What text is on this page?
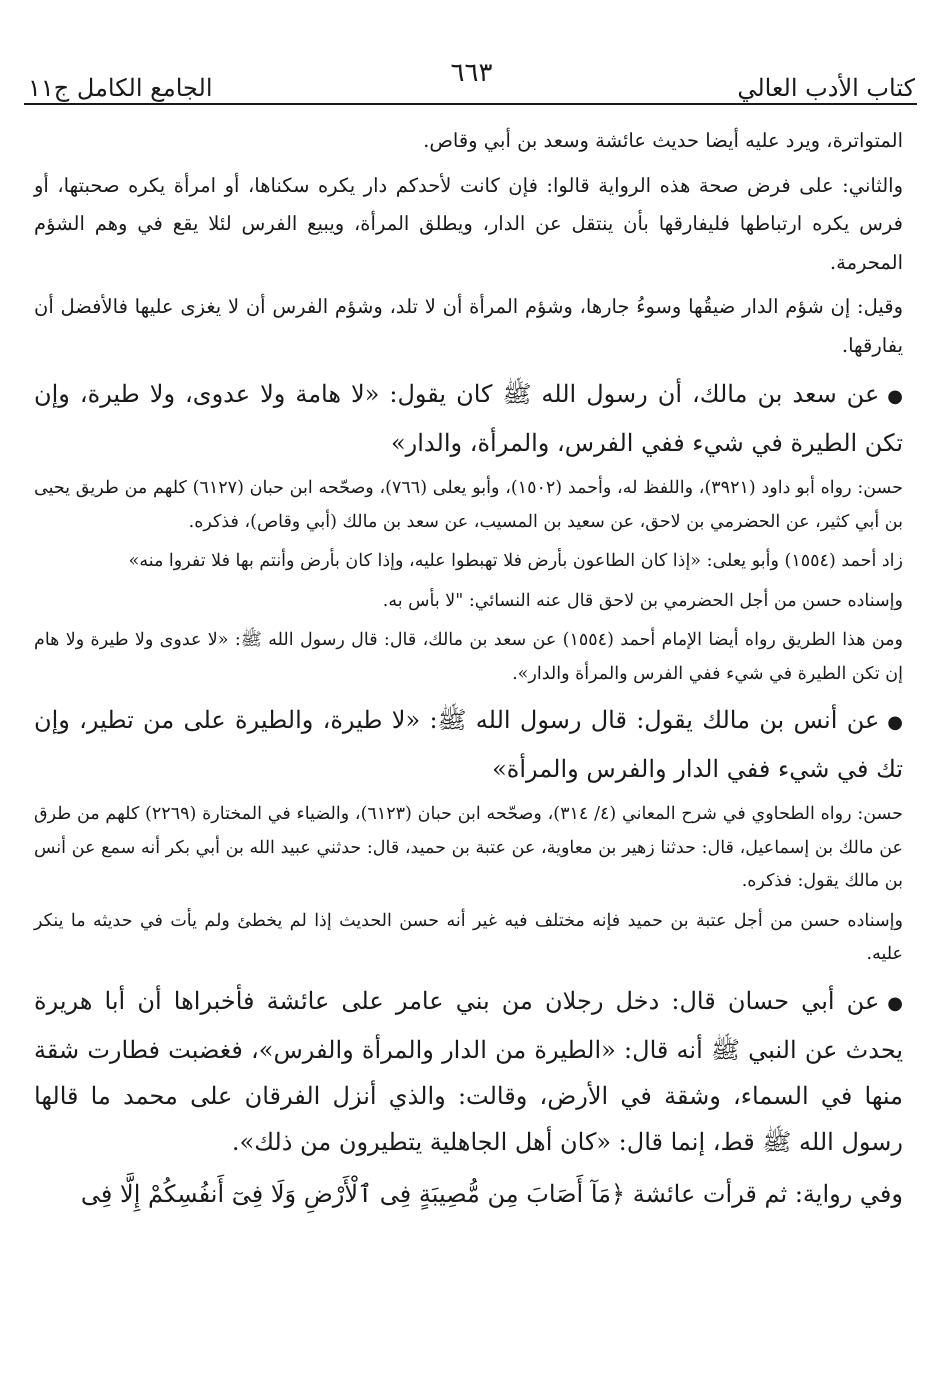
كتاب الأدب العالي
٦٦٣
الجامع الكامل ج١١

المتواترة، ويرد عليه أيضا حديث عائشة وسعد بن أبي وقاص.

والثاني: على فرض صحة هذه الرواية قالوا: فإن كانت لأحدكم دار يكره سكناها، أو امرأة يكره صحبتها، أو فرس يكره ارتباطها فليفارقها بأن ينتقل عن الدار، ويطلق المرأة، ويبيع الفرس لئلا يقع في وهم الشؤم المحرمة.

وقيل: إن شؤم الدار ضيقُها وسوءُ جارها، وشؤم المرأة أن لا تلد، وشؤم الفرس أن لا يغزى عليها فالأفضل أن يفارقها.

●عن سعد بن مالك، أن رسول الله ﷺ كان يقول: «لا هامة ولا عدوى، ولا طيرة، وإن تكن الطيرة في شيء ففي الفرس، والمرأة، والدار»

حسن: رواه أبو داود (٣٩٢١)، واللفظ له، وأحمد (١٥٠٢)، وأبو يعلى (٧٦٦)، وصحّحه ابن حبان (٦١٢٧) كلهم من طريق يحيى بن أبي كثير، عن الحضرمي بن لاحق، عن سعيد بن المسيب، عن سعد بن مالك (أبي وقاص)، فذكره.

زاد أحمد (١٥٥٤) وأبو يعلى: «إذا كان الطاعون بأرض فلا تهبطوا عليه، وإذا كان بأرض وأنتم بها فلا تفروا منه»

وإسناده حسن من أجل الحضرمي بن لاحق قال عنه النسائي: "لا بأس به.

ومن هذا الطريق رواه أيضا الإمام أحمد (١٥٥٤) عن سعد بن مالك، قال: قال رسول الله ﷺ: «لا عدوى ولا طيرة ولا هام إن تكن الطيرة في شيء ففي الفرس والمرأة والدار».

●عن أنس بن مالك يقول: قال رسول الله ﷺ: «لا طيرة، والطيرة على من تطير، وإن تك في شيء ففي الدار والفرس والمرأة»

حسن: رواه الطحاوي في شرح المعاني (٤/ ٣١٤)، وصحّحه ابن حبان (٦١٢٣)، والضياء في المختارة (٢٢٦٩) كلهم من طرق عن مالك بن إسماعيل، قال: حدثنا زهير بن معاوية، عن عتبة بن حميد، قال: حدثني عبيد الله بن أبي بكر أنه سمع عن أنس بن مالك يقول: فذكره.

وإسناده حسن من أجل عتبة بن حميد فإنه مختلف فيه غير أنه حسن الحديث إذا لم يخطئ ولم يأت في حديثه ما ينكر عليه.

●عن أبي حسان قال: دخل رجلان من بني عامر على عائشة فأخبراها أن أبا هريرة يحدث عن النبي ﷺ أنه قال: «الطيرة من الدار والمرأة والفرس»، فغضبت فطارت شقة منها في السماء، وشقة في الأرض، وقالت: والذي أنزل الفرقان على محمد ما قالها رسول الله ﷺ قط، إنما قال: «كان أهل الجاهلية يتطيرون من ذلك».

وفي رواية: ثم قرأت عائشة ﴿مَآ أَصَابَ مِن مُّصِيبَةٍ فِى ٱلْأَرْضِ وَلَا فِىٓ أَنفُسِكُمْ إِلَّا فِى
